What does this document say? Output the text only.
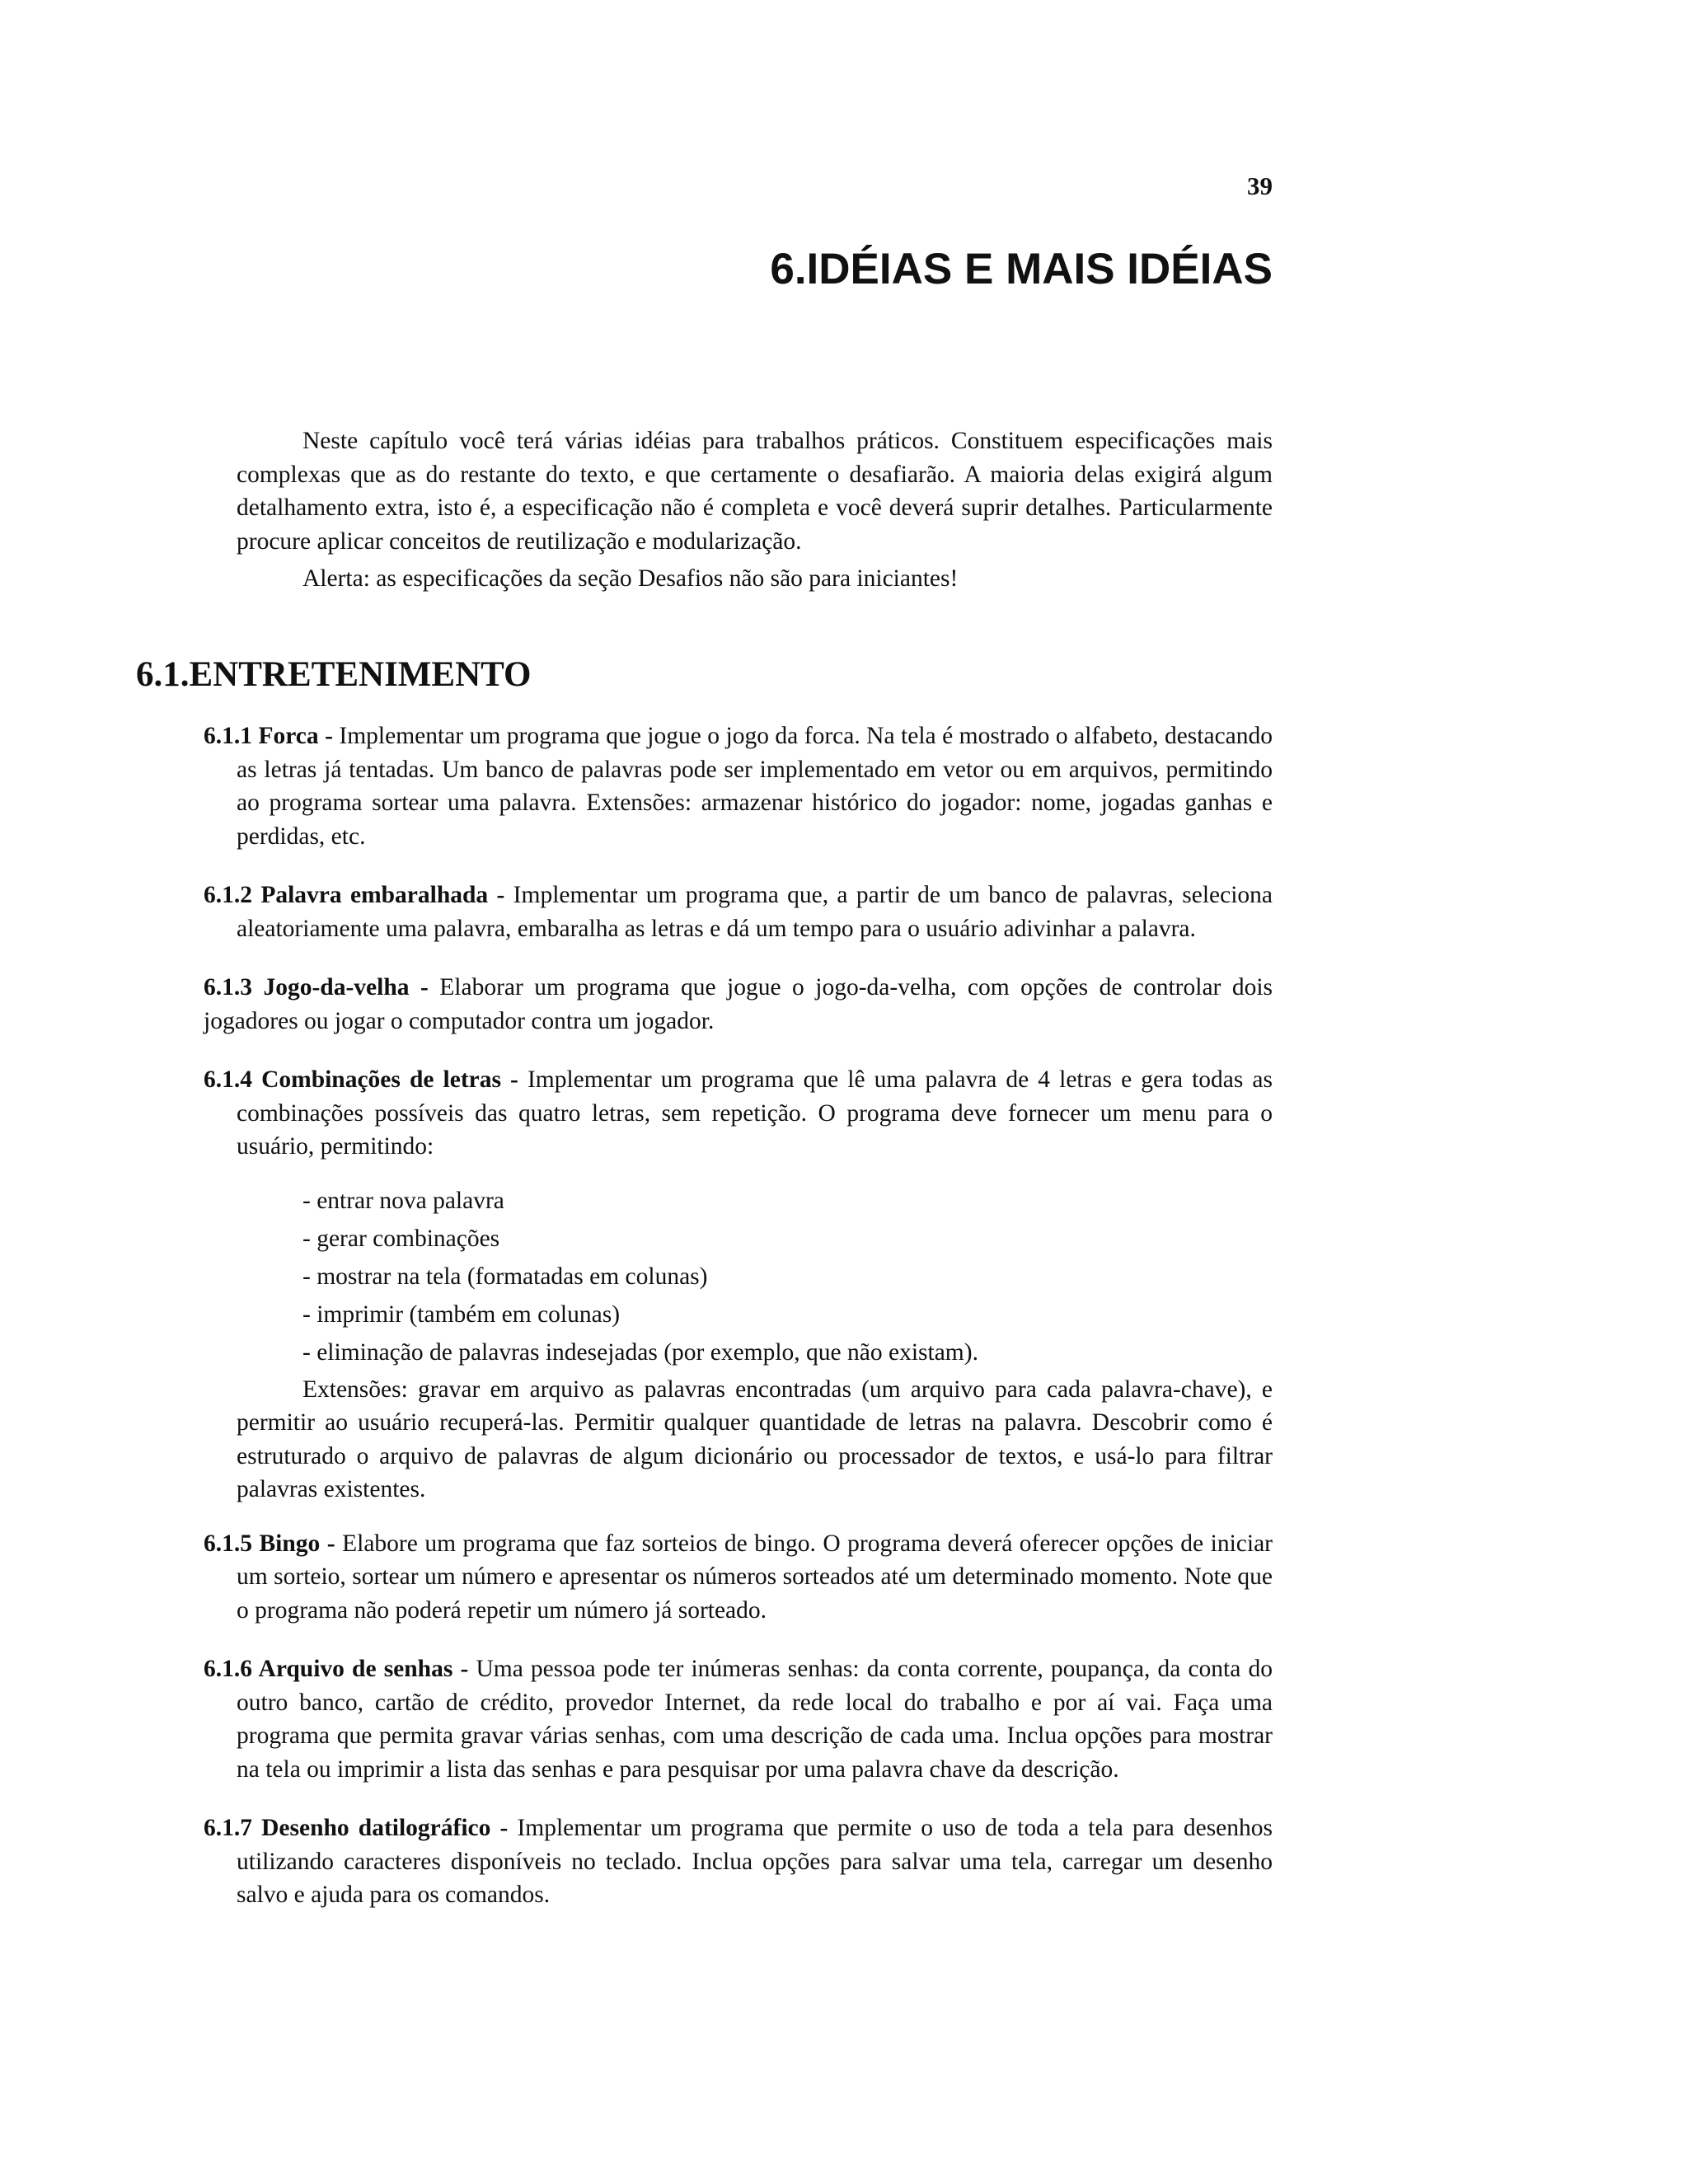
39
6.IDÉIAS E MAIS IDÉIAS

Neste capítulo você terá várias idéias para trabalhos práticos. Constituem especificações mais complexas que as do restante do texto, e que certamente o desafiarão. A maioria delas exigirá algum detalhamento extra, isto é, a especificação não é completa e você deverá suprir detalhes. Particularmente procure aplicar conceitos de reutilização e modularização.

Alerta: as especificações da seção Desafios não são para iniciantes!

6.1.ENTRETENIMENTO

6.1.1 Forca - Implementar um programa que jogue o jogo da forca. Na tela é mostrado o alfabeto, destacando as letras já tentadas. Um banco de palavras pode ser implementado em vetor ou em arquivos, permitindo ao programa sortear uma palavra. Extensões: armazenar histórico do jogador: nome, jogadas ganhas e perdidas, etc.

6.1.2 Palavra embaralhada - Implementar um programa que, a partir de um banco de palavras, seleciona aleatoriamente uma palavra, embaralha as letras e dá um tempo para o usuário adivinhar a palavra.

6.1.3 Jogo-da-velha - Elaborar um programa que jogue o jogo-da-velha, com opções de controlar dois jogadores ou jogar o computador contra um jogador.

6.1.4 Combinações de letras - Implementar um programa que lê uma palavra de 4 letras e gera todas as combinações possíveis das quatro letras, sem repetição. O programa deve fornecer um menu para o usuário, permitindo:

- entrar nova palavra
- gerar combinações
- mostrar na tela (formatadas em colunas)
- imprimir (também em colunas)
- eliminação de palavras indesejadas (por exemplo, que não existam).

Extensões: gravar em arquivo as palavras encontradas (um arquivo para cada palavra-chave), e permitir ao usuário recuperá-las. Permitir qualquer quantidade de letras na palavra. Descobrir como é estruturado o arquivo de palavras de algum dicionário ou processador de textos, e usá-lo para filtrar palavras existentes.

6.1.5 Bingo - Elabore um programa que faz sorteios de bingo. O programa deverá oferecer opções de iniciar um sorteio, sortear um número e apresentar os números sorteados até um determinado momento. Note que o programa não poderá repetir um número já sorteado.

6.1.6 Arquivo de senhas - Uma pessoa pode ter inúmeras senhas: da conta corrente, poupança, da conta do outro banco, cartão de crédito, provedor Internet, da rede local do trabalho e por aí vai. Faça uma programa que permita gravar várias senhas, com uma descrição de cada uma. Inclua opções para mostrar na tela ou imprimir a lista das senhas e para pesquisar por uma palavra chave da descrição.

6.1.7 Desenho datilográfico - Implementar um programa que permite o uso de toda a tela para desenhos utilizando caracteres disponíveis no teclado. Inclua opções para salvar uma tela, carregar um desenho salvo e ajuda para os comandos.
